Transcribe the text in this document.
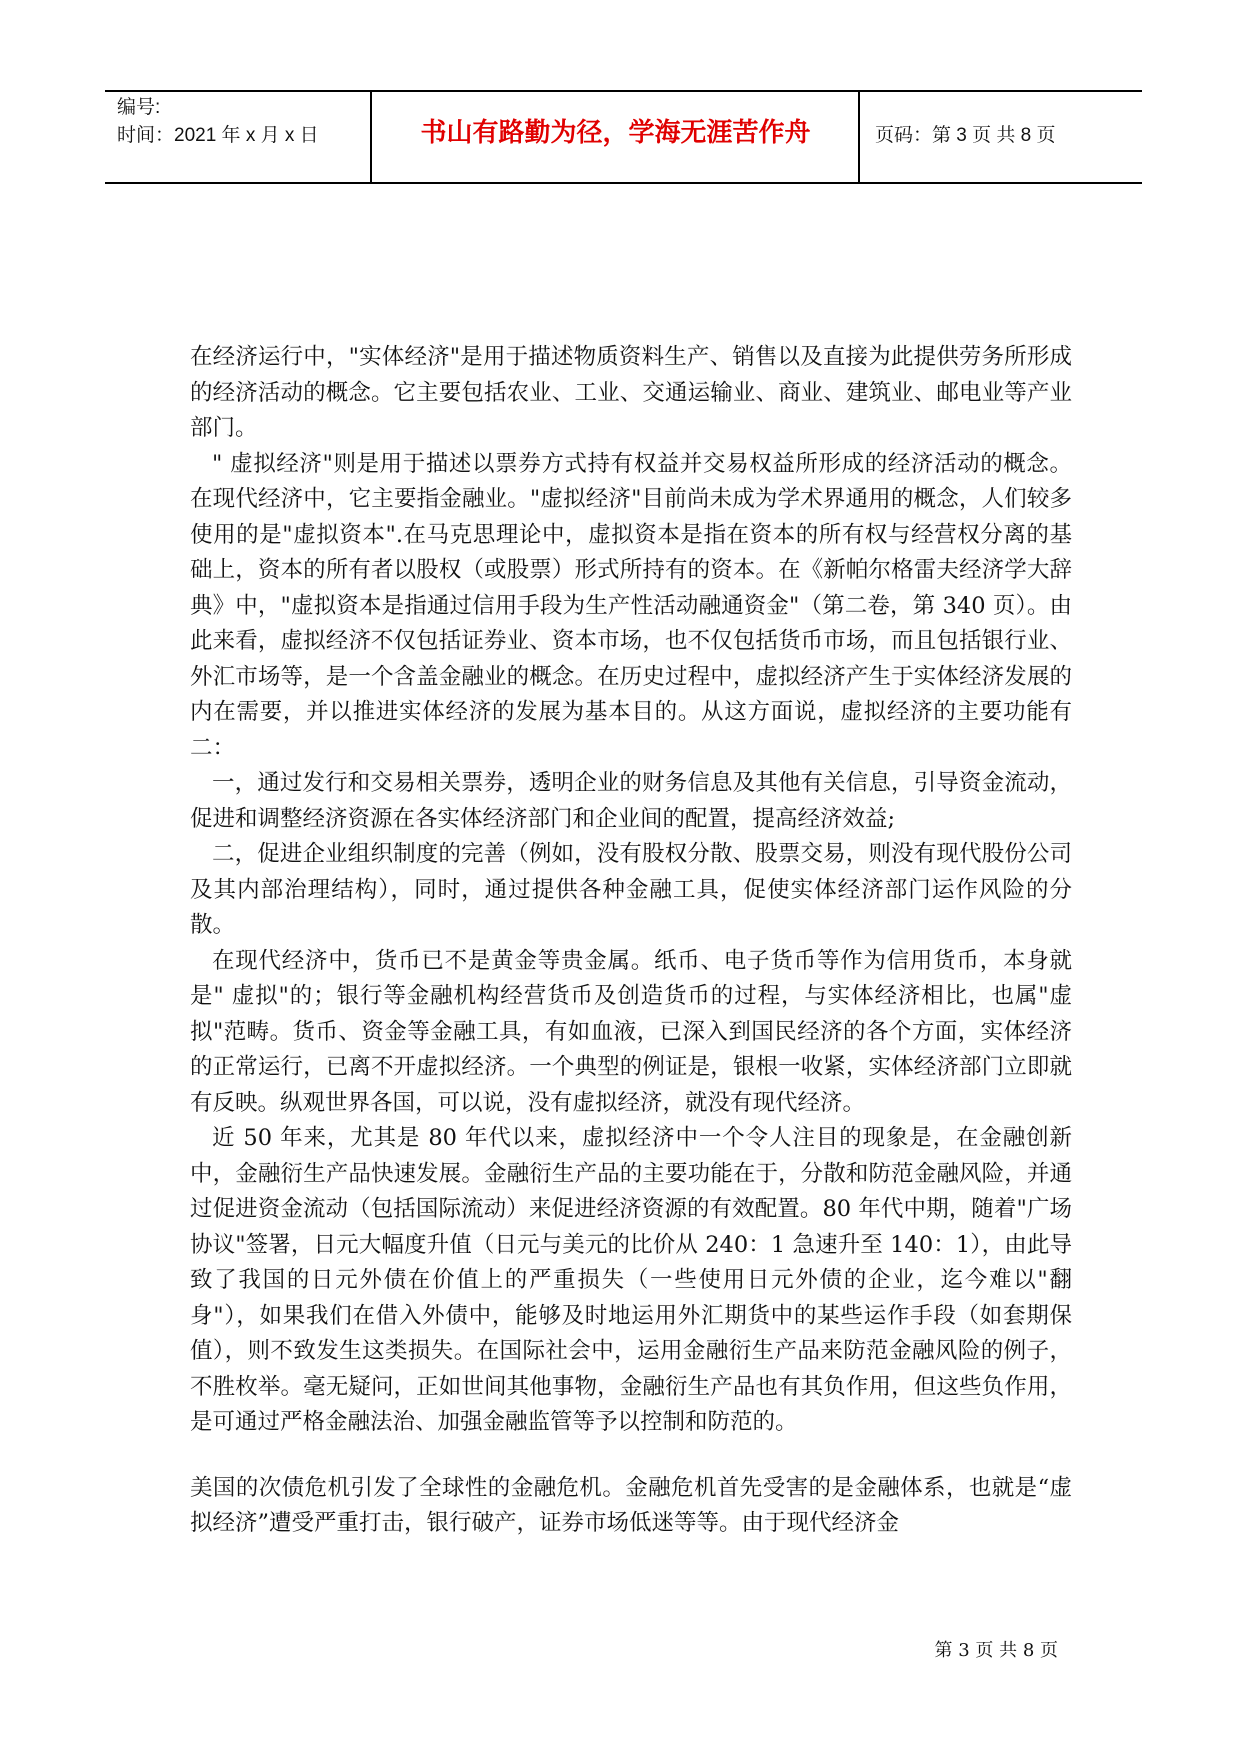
编号:
时间：2021 年 x 月 x 日	书山有路勤为径，学海无涯苦作舟	页码：第 3 页 共 8 页

在经济运行中，"实体经济"是用于描述物质资料生产、销售以及直接为此提供劳务所形成的经济活动的概念。它主要包括农业、工业、交通运输业、商业、建筑业、邮电业等产业部门。

" 虚拟经济"则是用于描述以票券方式持有权益并交易权益所形成的经济活动的概念。在现代经济中，它主要指金融业。"虚拟经济"目前尚未成为学术界通用的概念，人们较多使用的是"虚拟资本".在马克思理论中，虚拟资本是指在资本的所有权与经营权分离的基础上，资本的所有者以股权（或股票）形式所持有的资本。在《新帕尔格雷夫经济学大辞典》中，"虚拟资本是指通过信用手段为生产性活动融通资金"（第二卷，第 340 页）。由此来看，虚拟经济不仅包括证券业、资本市场，也不仅包括货币市场，而且包括银行业、外汇市场等，是一个含盖金融业的概念。在历史过程中，虚拟经济产生于实体经济发展的内在需要，并以推进实体经济的发展为基本目的。从这方面说，虚拟经济的主要功能有二：

一，通过发行和交易相关票券，透明企业的财务信息及其他有关信息，引导资金流动，促进和调整经济资源在各实体经济部门和企业间的配置，提高经济效益;

二，促进企业组织制度的完善（例如，没有股权分散、股票交易，则没有现代股份公司及其内部治理结构），同时，通过提供各种金融工具，促使实体经济部门运作风险的分散。

在现代经济中，货币已不是黄金等贵金属。纸币、电子货币等作为信用货币，本身就是" 虚拟"的；银行等金融机构经营货币及创造货币的过程，与实体经济相比，也属"虚拟"范畴。货币、资金等金融工具，有如血液，已深入到国民经济的各个方面，实体经济的正常运行，已离不开虚拟经济。一个典型的例证是，银根一收紧，实体经济部门立即就有反映。纵观世界各国，可以说，没有虚拟经济，就没有现代经济。

近 50 年来，尤其是 80 年代以来，虚拟经济中一个令人注目的现象是，在金融创新中，金融衍生产品快速发展。金融衍生产品的主要功能在于，分散和防范金融风险，并通过促进资金流动（包括国际流动）来促进经济资源的有效配置。80 年代中期，随着"广场协议"签署，日元大幅度升值（日元与美元的比价从 240：1 急速升至 140：1），由此导致了我国的日元外债在价值上的严重损失（一些使用日元外债的企业，迄今难以"翻身"），如果我们在借入外债中，能够及时地运用外汇期货中的某些运作手段（如套期保值），则不致发生这类损失。在国际社会中，运用金融衍生产品来防范金融风险的例子，不胜枚举。毫无疑问，正如世间其他事物，金融衍生产品也有其负作用，但这些负作用，是可通过严格金融法治、加强金融监管等予以控制和防范的。

美国的次债危机引发了全球性的金融危机。金融危机首先受害的是金融体系，也就是“虚拟经济”遭受严重打击，银行破产，证券市场低迷等等。由于现代经济金

第 3 页 共 8 页
